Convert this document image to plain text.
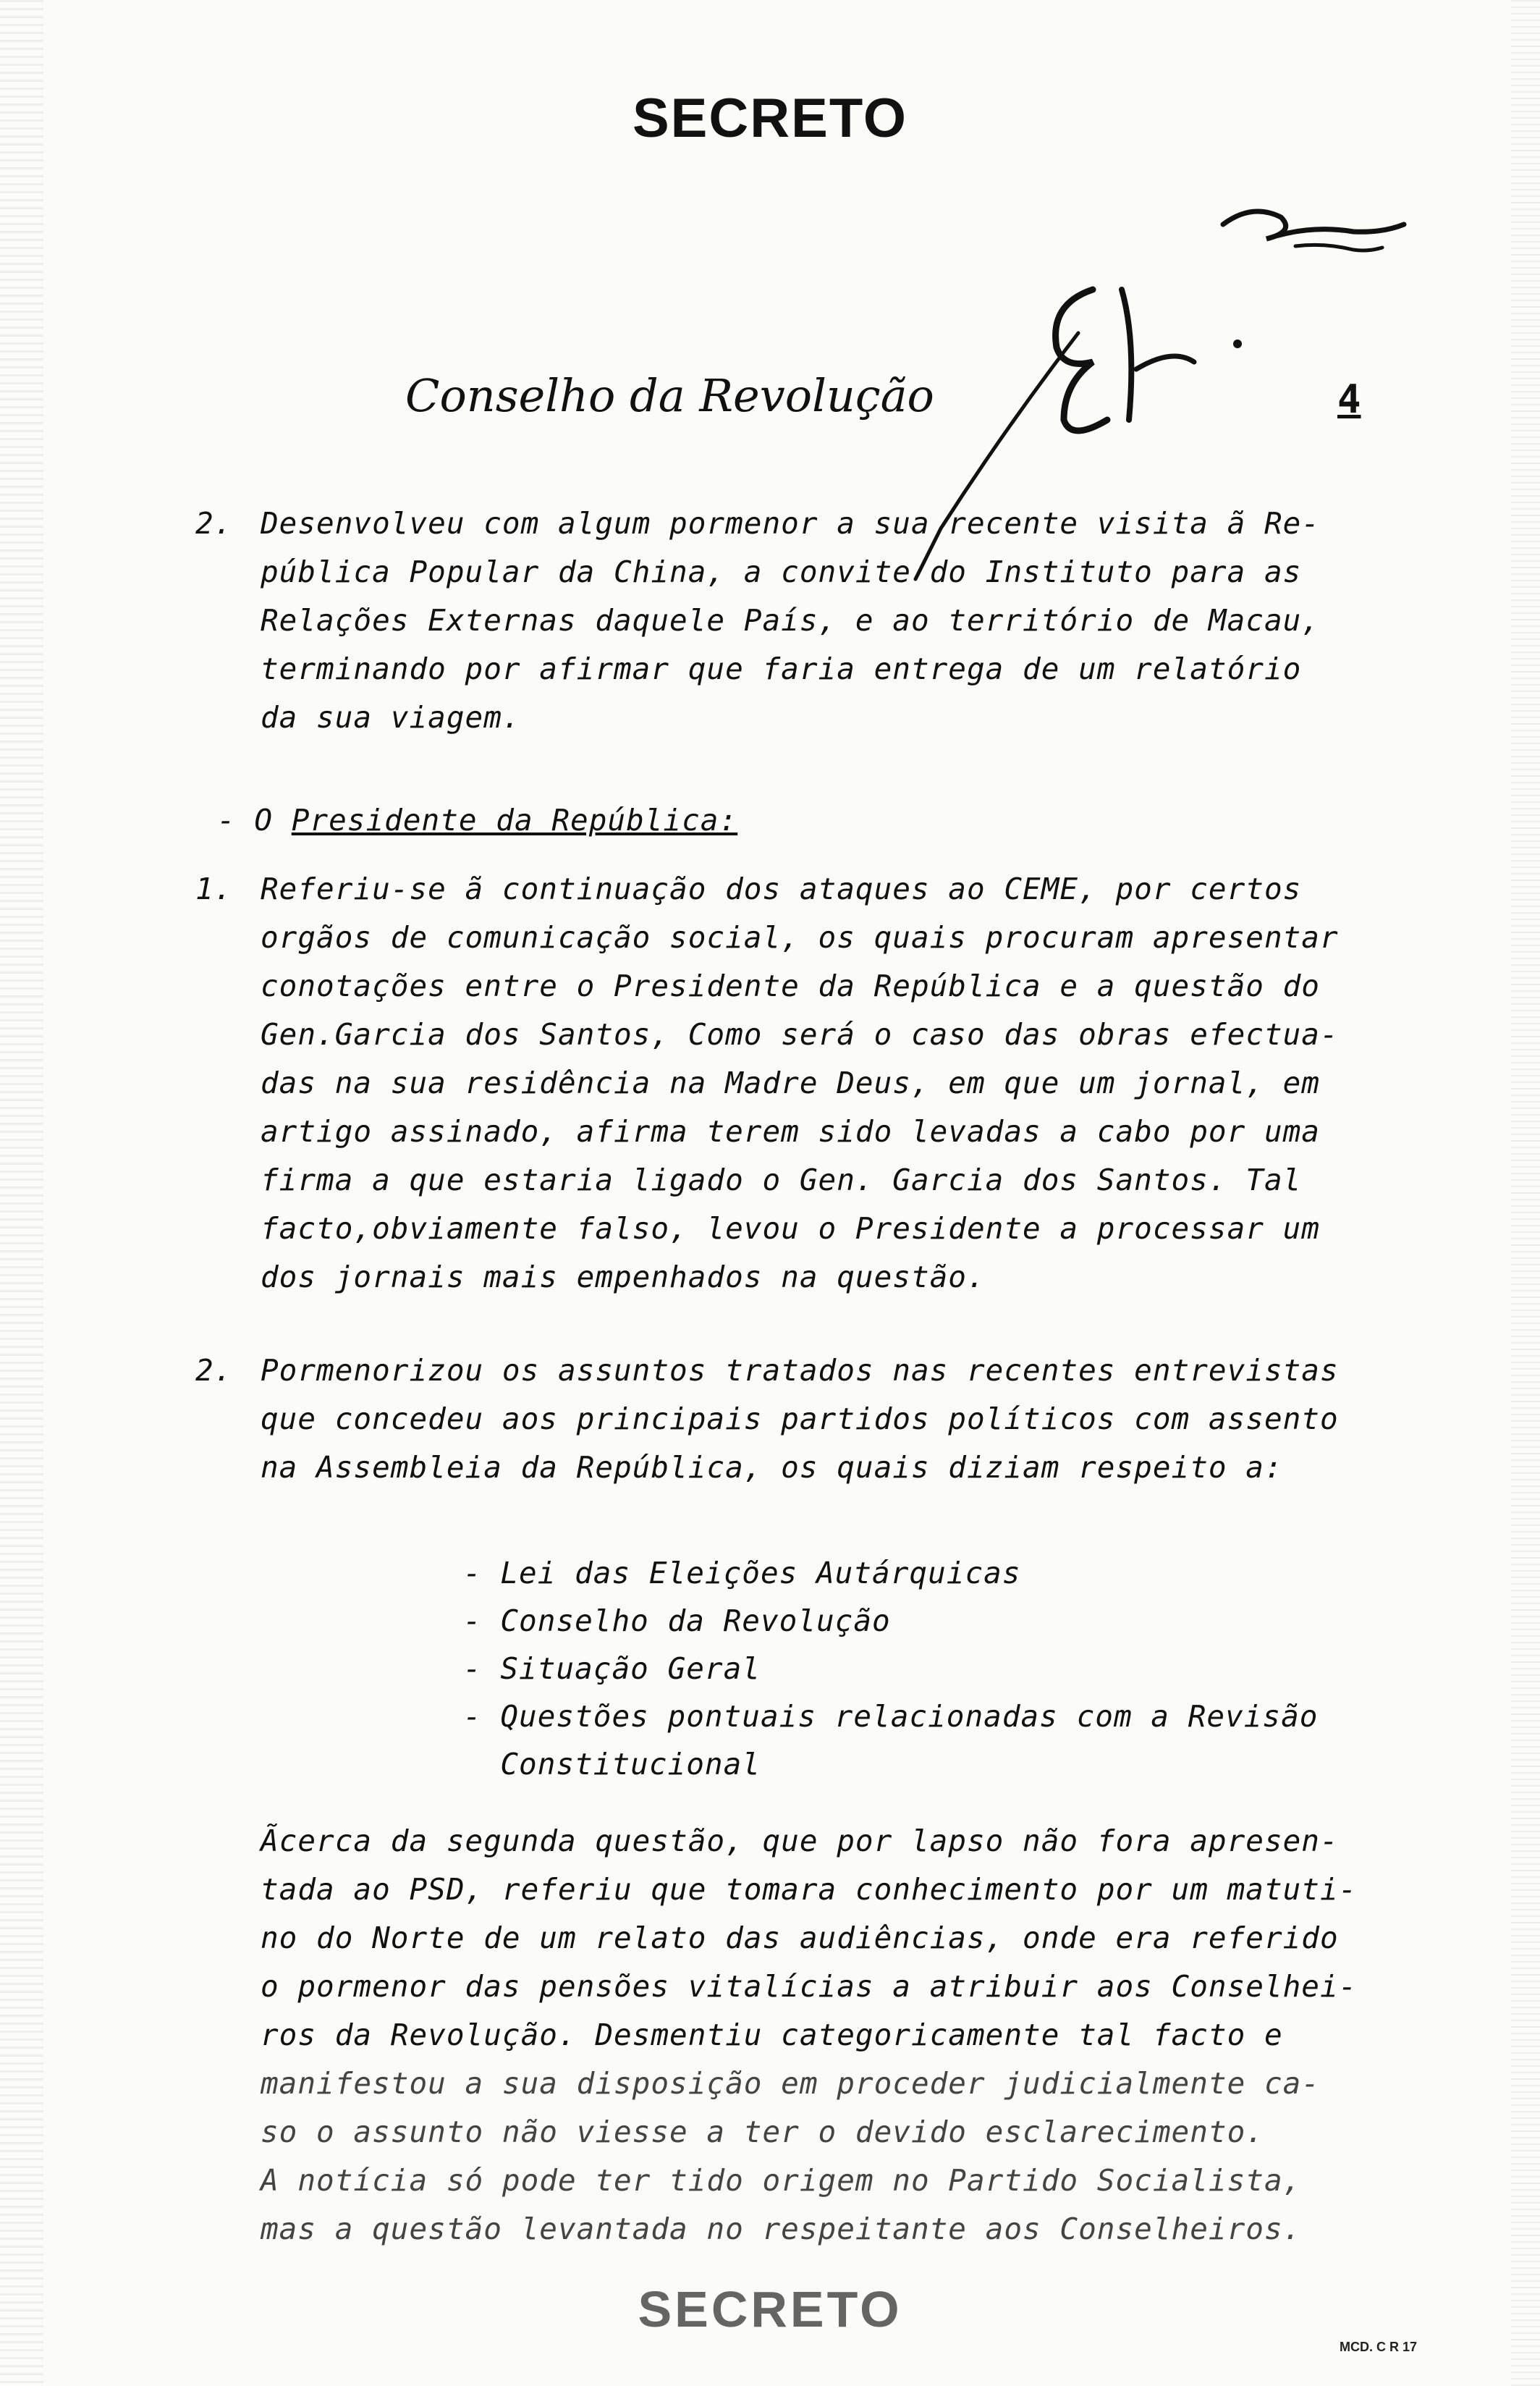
SECRETO
Conselho da Revolução	4
2. Desenvolveu com algum pormenor a sua recente visita ã Re-
pública Popular da China, a convite do Instituto para as
Relações Externas daquele País, e ao território de Macau,
terminando por afirmar que faria entrega de um relatório
da sua viagem.
- O Presidente da República:
1. Referiu-se ã continuação dos ataques ao CEME, por certos
orgãos de comunicação social, os quais procuram apresentar
conotações entre o Presidente da República e a questão do
Gen.Garcia dos Santos, Como será o caso das obras efectua-
das na sua residência na Madre Deus, em que um jornal, em
artigo assinado, afirma terem sido levadas a cabo por uma
firma a que estaria ligado o Gen. Garcia dos Santos. Tal
facto,obviamente falso, levou o Presidente a processar um
dos jornais mais empenhados na questão.
2. Pormenorizou os assuntos tratados nas recentes entrevistas
que concedeu aos principais partidos políticos com assento
na Assembleia da República, os quais diziam respeito a:
- Lei das Eleições Autárquicas
- Conselho da Revolução
- Situação Geral
- Questões pontuais relacionadas com a Revisão
Constitucional
Ãcerca da segunda questão, que por lapso não fora apresen-
tada ao PSD, referiu que tomara conhecimento por um matuti-
no do Norte de um relato das audiências, onde era referido
o pormenor das pensões vitalícias a atribuir aos Conselhei-
ros da Revolução. Desmentiu categoricamente tal facto e
manifestou a sua disposição em proceder judicialmente ca-
so o assunto não viesse a ter o devido esclarecimento.
A notícia só pode ter tido origem no Partido Socialista,
mas a questão levantada no respeitante aos Conselheiros.
SECRETO
MCD. C R 17
